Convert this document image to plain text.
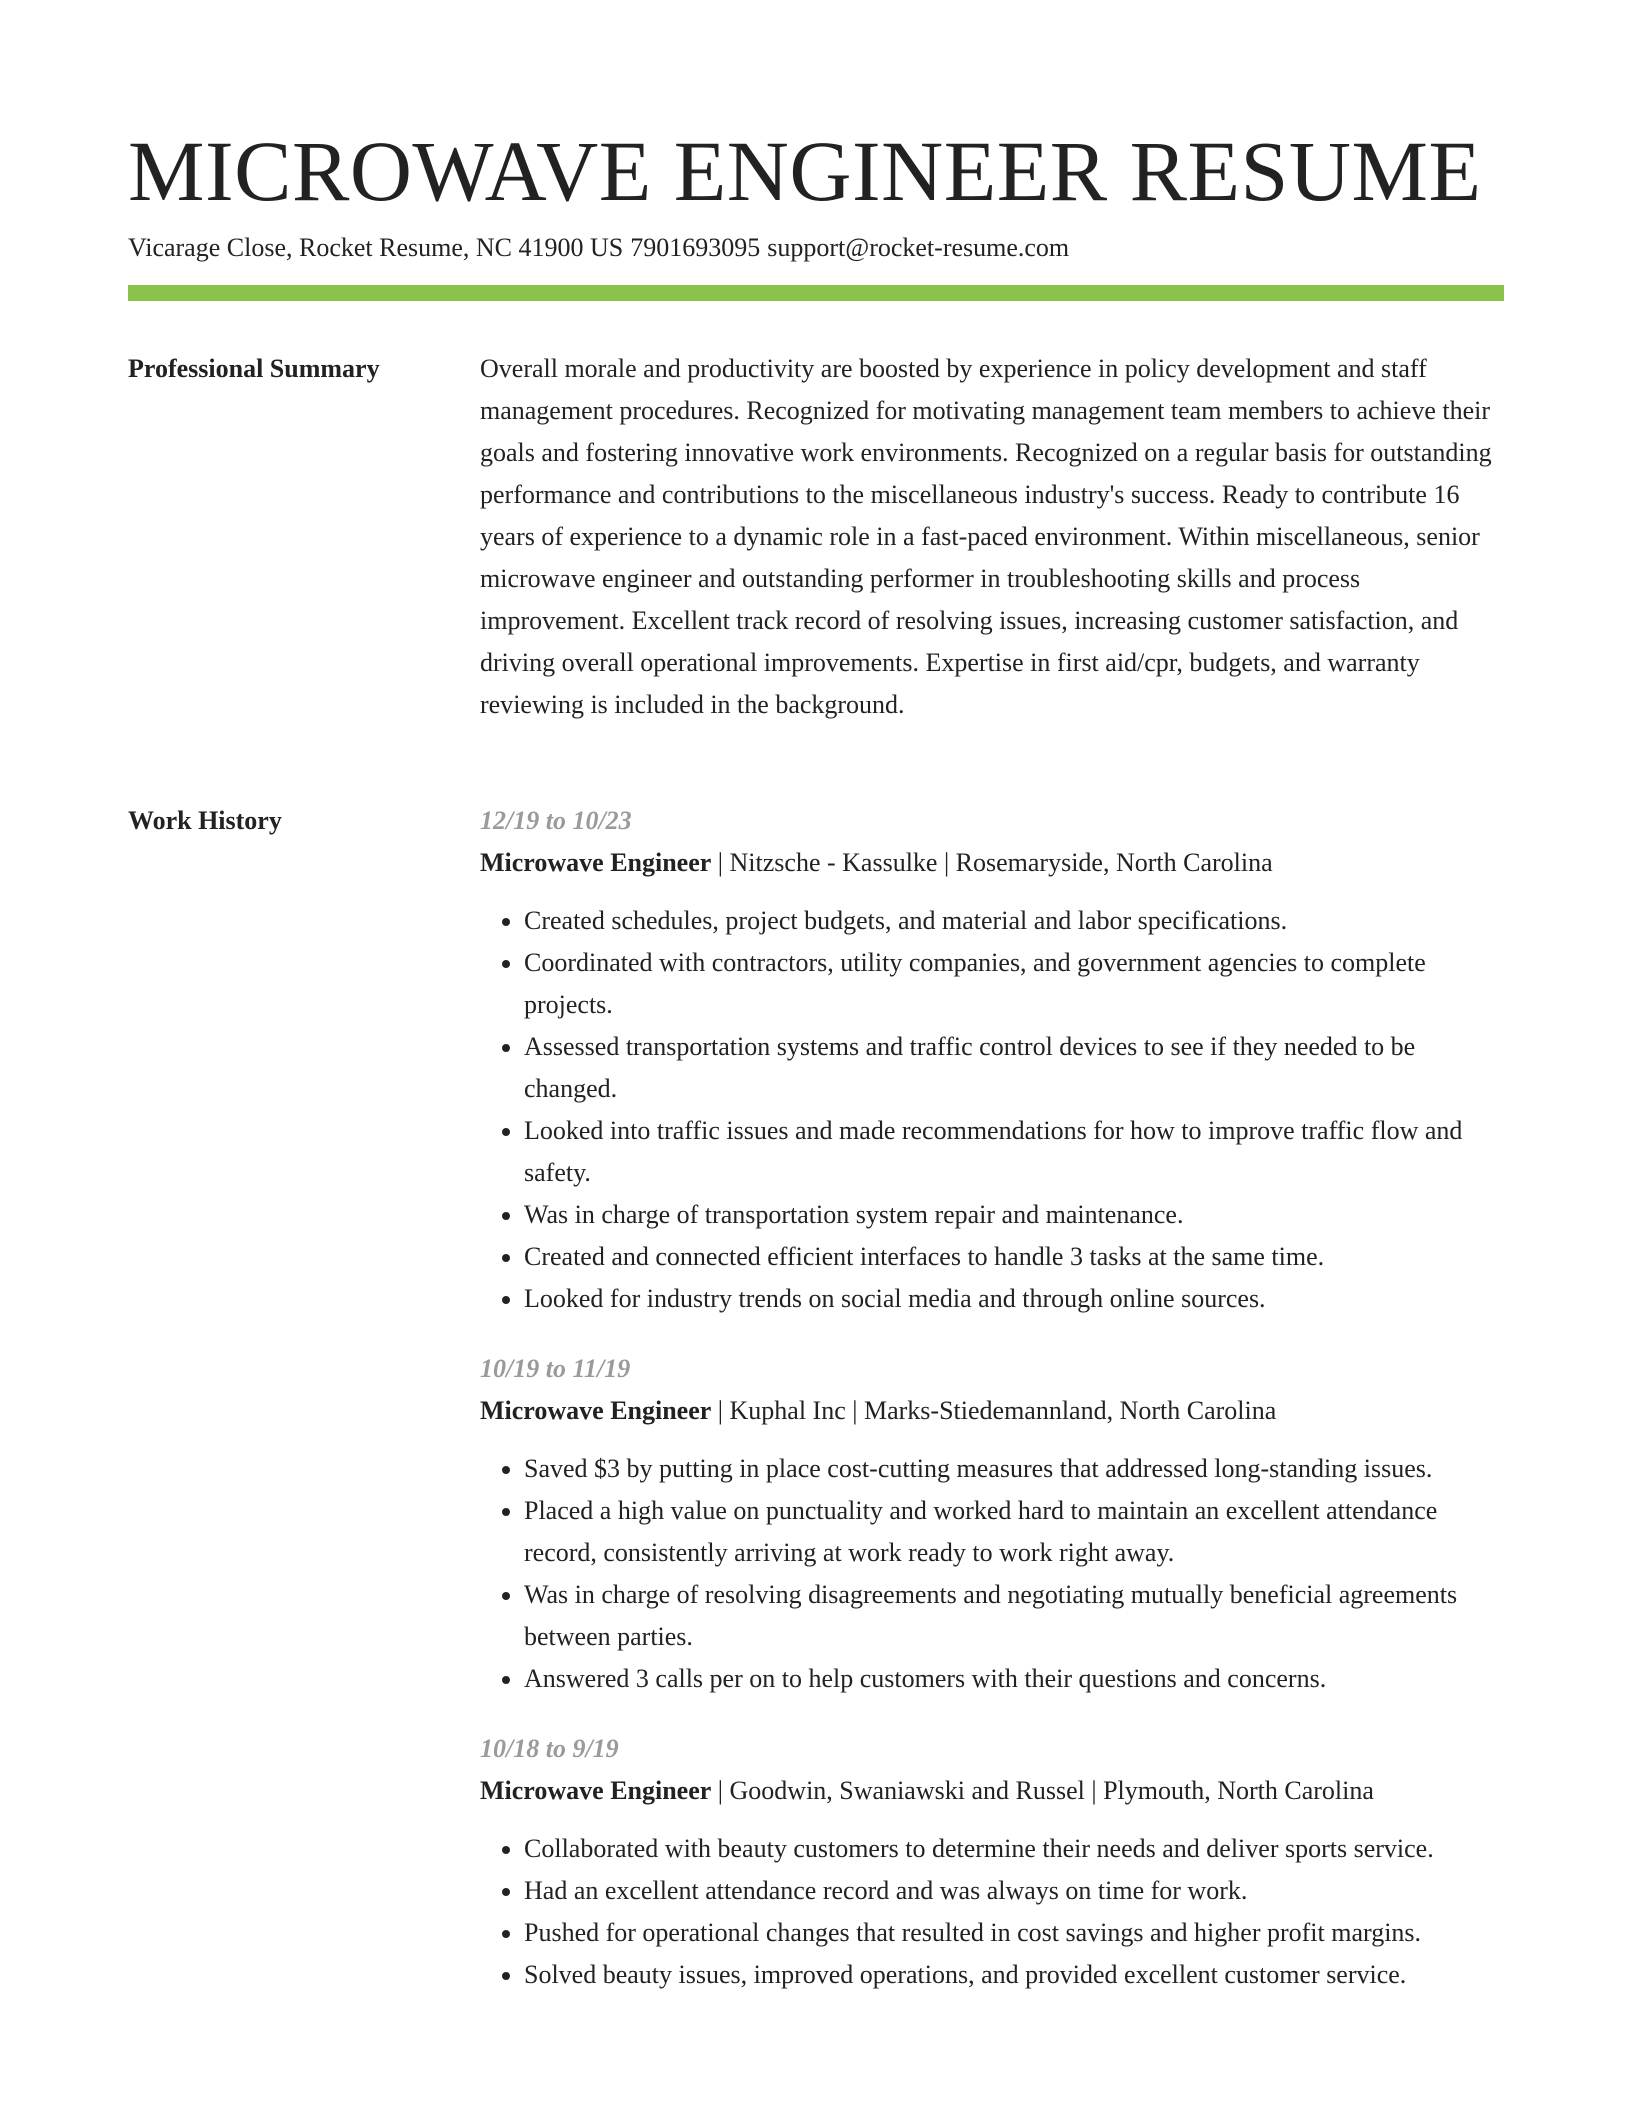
MICROWAVE ENGINEER RESUME
Vicarage Close, Rocket Resume, NC 41900 US 7901693095 support@rocket-resume.com
Professional Summary	Overall morale and productivity are boosted by experience in policy development and staff management procedures. Recognized for motivating management team members to achieve their goals and fostering innovative work environments. Recognized on a regular basis for outstanding performance and contributions to the miscellaneous industry's success. Ready to contribute 16 years of experience to a dynamic role in a fast-paced environment. Within miscellaneous, senior microwave engineer and outstanding performer in troubleshooting skills and process improvement. Excellent track record of resolving issues, increasing customer satisfaction, and driving overall operational improvements. Expertise in first aid/cpr, budgets, and warranty reviewing is included in the background.

Work History	12/19 to 10/23
Microwave Engineer | Nitzsche - Kassulke | Rosemaryside, North Carolina
• Created schedules, project budgets, and material and labor specifications.
• Coordinated with contractors, utility companies, and government agencies to complete projects.
• Assessed transportation systems and traffic control devices to see if they needed to be changed.
• Looked into traffic issues and made recommendations for how to improve traffic flow and safety.
• Was in charge of transportation system repair and maintenance.
• Created and connected efficient interfaces to handle 3 tasks at the same time.
• Looked for industry trends on social media and through online sources.
10/19 to 11/19
Microwave Engineer | Kuphal Inc | Marks-Stiedemannland, North Carolina
• Saved $3 by putting in place cost-cutting measures that addressed long-standing issues.
• Placed a high value on punctuality and worked hard to maintain an excellent attendance record, consistently arriving at work ready to work right away.
• Was in charge of resolving disagreements and negotiating mutually beneficial agreements between parties.
• Answered 3 calls per on to help customers with their questions and concerns.
10/18 to 9/19
Microwave Engineer | Goodwin, Swaniawski and Russel | Plymouth, North Carolina
• Collaborated with beauty customers to determine their needs and deliver sports service.
• Had an excellent attendance record and was always on time for work.
• Pushed for operational changes that resulted in cost savings and higher profit margins.
• Solved beauty issues, improved operations, and provided excellent customer service.
